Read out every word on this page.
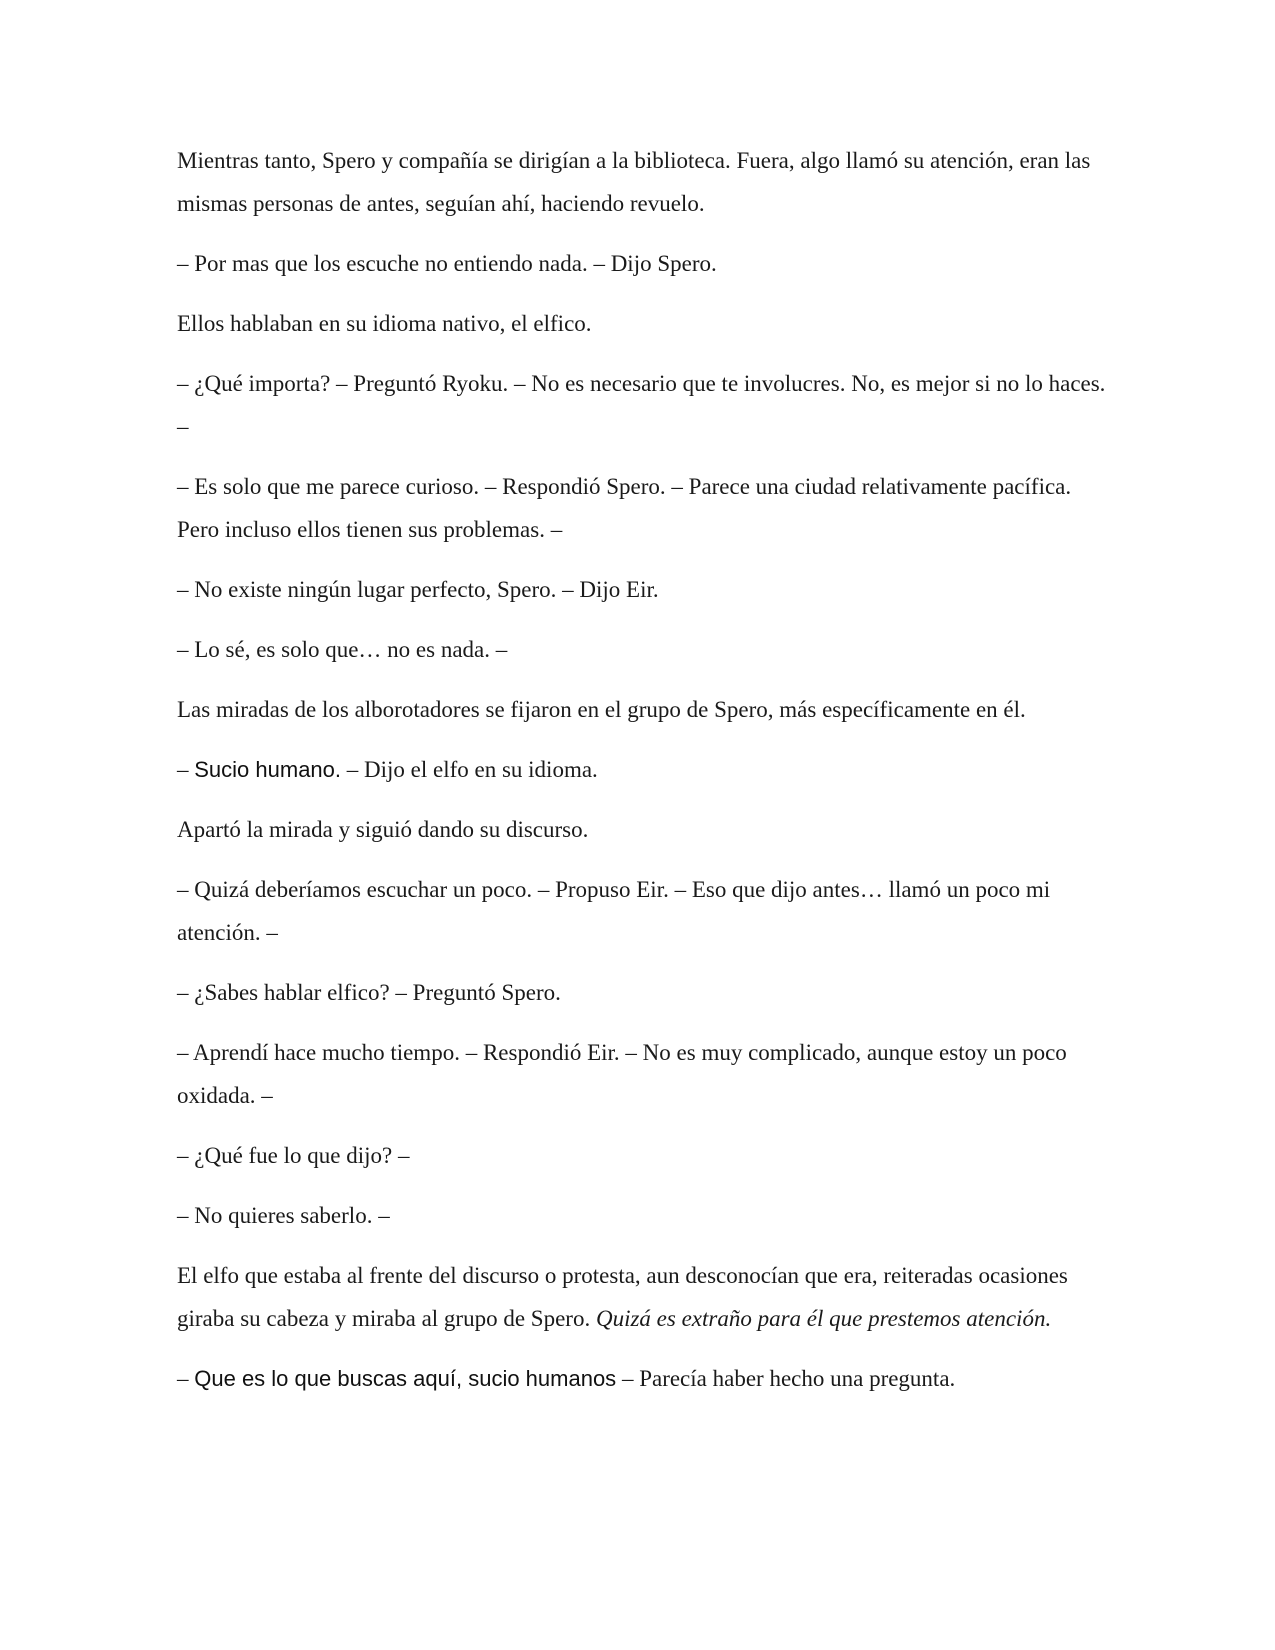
Mientras tanto, Spero y compañía se dirigían a la biblioteca. Fuera, algo llamó su atención, eran las mismas personas de antes, seguían ahí, haciendo revuelo.

– Por mas que los escuche no entiendo nada. – Dijo Spero.

Ellos hablaban en su idioma nativo, el elfico.

– ¿Qué importa? – Preguntó Ryoku. – No es necesario que te involucres. No, es mejor si no lo haces. –

– Es solo que me parece curioso. – Respondió Spero. – Parece una ciudad relativamente pacífica. Pero incluso ellos tienen sus problemas. –

– No existe ningún lugar perfecto, Spero. – Dijo Eir.

– Lo sé, es solo que… no es nada. –

Las miradas de los alborotadores se fijaron en el grupo de Spero, más específicamente en él.

– Sucio humano. – Dijo el elfo en su idioma.

Apartó la mirada y siguió dando su discurso.

– Quizá deberíamos escuchar un poco. – Propuso Eir. – Eso que dijo antes… llamó un poco mi atención. –

– ¿Sabes hablar elfico? – Preguntó Spero.

– Aprendí hace mucho tiempo. – Respondió Eir. – No es muy complicado, aunque estoy un poco oxidada. –

– ¿Qué fue lo que dijo? –

– No quieres saberlo. –

El elfo que estaba al frente del discurso o protesta, aun desconocían que era, reiteradas ocasiones giraba su cabeza y miraba al grupo de Spero. Quizá es extraño para él que prestemos atención.

– Que es lo que buscas aquí, sucio humanos – Parecía haber hecho una pregunta.
